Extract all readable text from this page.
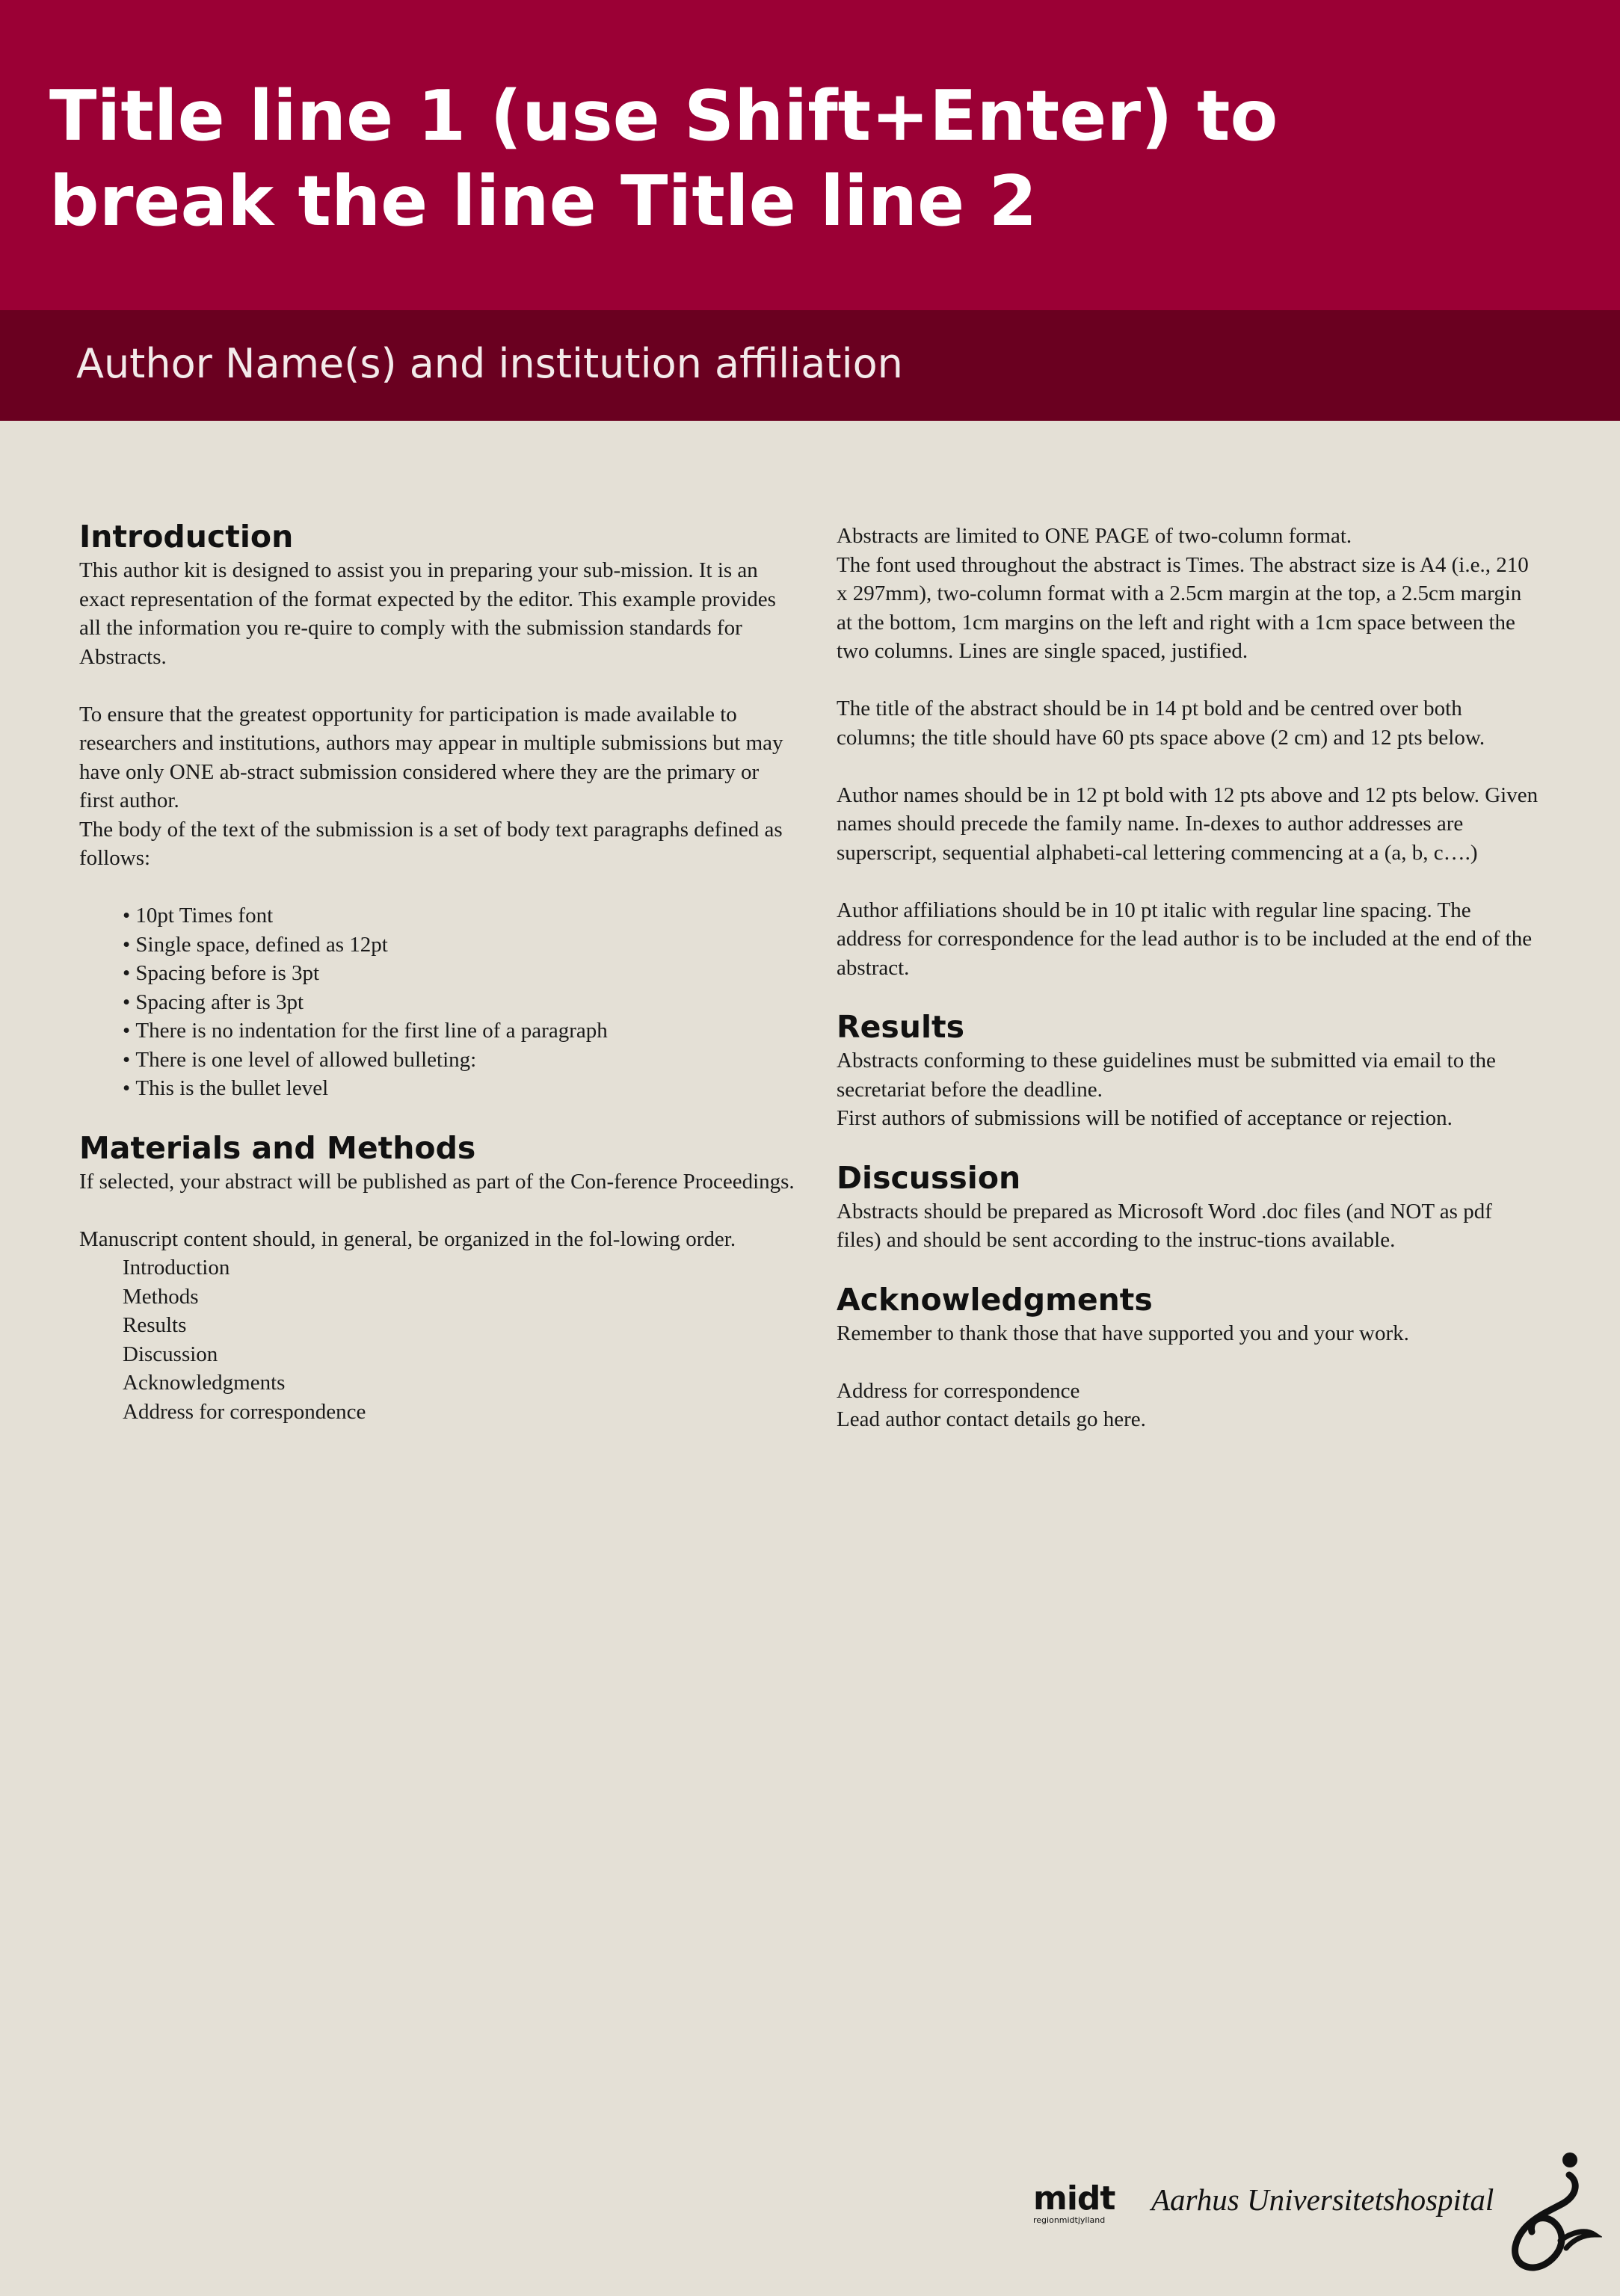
Title line 1 (use Shift+Enter) to
break the line Title line 2
Author Name(s) and institution affiliation
Introduction

This author kit is designed to assist you in preparing your sub-mission. It is an exact representation of the format expected by the editor. This example provides all the information you re-quire to comply with the submission standards for Abstracts.

To ensure that the greatest opportunity for participation is made available to researchers and institutions, authors may appear in multiple submissions but may have only ONE ab-stract submission considered where they are the primary or first author.

The body of the text of the submission is a set of body text paragraphs defined as follows:

• 10pt Times font
• Single space, defined as 12pt
• Spacing before is 3pt
• Spacing after is 3pt
• There is no indentation for the first line of a paragraph
• There is one level of allowed bulleting:
• This is the bullet level
Materials and Methods

If selected, your abstract will be published as part of the Con-ference Proceedings.

Manuscript content should, in general, be organized in the fol-lowing order.

Introduction
Methods
Results
Discussion
Acknowledgments
Address for correspondence

Abstracts are limited to ONE PAGE of two-column format.

The font used throughout the abstract is Times. The abstract size is A4 (i.e., 210 x 297mm), two-column format with a 2.5cm margin at the top, a 2.5cm margin at the bottom, 1cm margins on the left and right with a 1cm space between the two columns. Lines are single spaced, justified.

The title of the abstract should be in 14 pt bold and be centred over both columns; the title should have 60 pts space above (2 cm) and 12 pts below.

Author names should be in 12 pt bold with 12 pts above and 12 pts below. Given names should precede the family name. In-dexes to author addresses are superscript, sequential alphabeti-cal lettering commencing at a (a, b, c….)

Author affiliations should be in 10 pt italic with regular line spacing. The address for correspondence for the lead author is to be included at the end of the abstract.

Results

Abstracts conforming to these guidelines must be submitted via email to the secretariat before the deadline.

First authors of submissions will be notified of acceptance or rejection.

Discussion

Abstracts should be prepared as Microsoft Word .doc files (and NOT as pdf files) and should be sent according to the instruc-tions available.

Acknowledgments

Remember to thank those that have supported you and your work.

Address for correspondence

Lead author contact details go here.

midt
regionmidtjylland
Aarhus Universitetshospital
